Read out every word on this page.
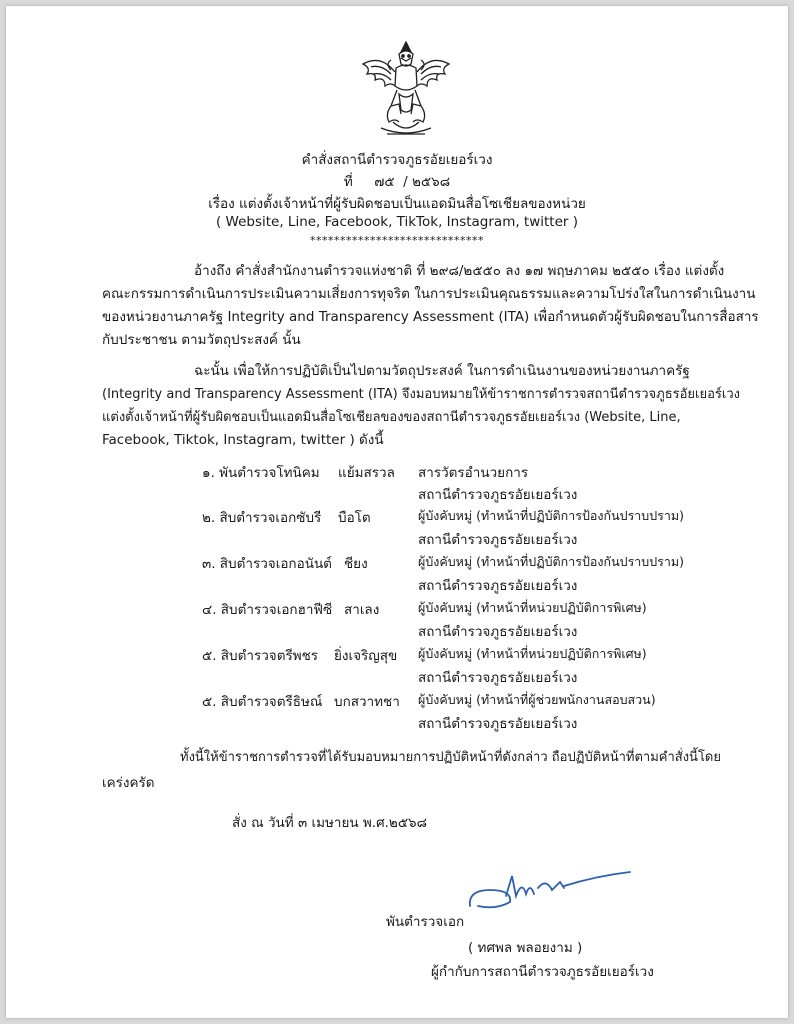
คำสั่งสถานีตำรวจภูธรอัยเยอร์เวง
ที่     ๗๕  / ๒๕๖๘
เรื่อง แต่งตั้งเจ้าหน้าที่ผู้รับผิดชอบเป็นแอดมินสื่อโซเชียลของหน่วย
( Website, Line, Facebook, TikTok, Instagram, twitter )
*****************************
อ้างถึง คำสั่งสำนักงานตำรวจแห่งชาติ ที่ ๒๙๘/๒๕๕๐ ลง ๑๗ พฤษภาคม ๒๕๕๐ เรื่อง แต่งตั้ง
คณะกรรมการดำเนินการประเมินความเสี่ยงการทุจริต ในการประเมินคุณธรรมและความโปร่งใสในการดำเนินงาน
ของหน่วยงานภาครัฐ Integrity and Transparency Assessment (ITA) เพื่อกำหนดตัวผู้รับผิดชอบในการสื่อสาร
กับประชาชน ตามวัตถุประสงค์ นั้น
ฉะนั้น เพื่อให้การปฏิบัติเป็นไปตามวัตถุประสงค์ ในการดำเนินงานของหน่วยงานภาครัฐ
(Integrity and Transparency Assessment (ITA) จึงมอบหมายให้ข้าราชการตำรวจสถานีตำรวจภูธรอัยเยอร์เวง
แต่งตั้งเจ้าหน้าที่ผู้รับผิดชอบเป็นแอดมินสื่อโซเชียลของของสถานีตำรวจภูธรอัยเยอร์เวง (Website, Line,
Facebook, Tiktok, Instagram, twitter ) ดังนี้
๑. พันตำรวจโทนิคม แย้มสรวล สารวัตรอำนวยการ
สถานีตำรวจภูธรอัยเยอร์เวง
๒. สิบตำรวจเอกซับรี บือโต	ผู้บังคับหมู่ (ทำหน้าที่ปฏิบัติการป้องกันปราบปราม)
สถานีตำรวจภูธรอัยเยอร์เวง
๓. สิบตำรวจเอกอนันต์ ชียง	ผู้บังคับหมู่ (ทำหน้าที่ปฏิบัติการป้องกันปราบปราม)
สถานีตำรวจภูธรอัยเยอร์เวง
๔. สิบตำรวจเอกฮาฟีซี สาเลง	ผู้บังคับหมู่ (ทำหน้าที่หน่วยปฏิบัติการพิเศษ)
สถานีตำรวจภูธรอัยเยอร์เวง
๕. สิบตำรวจตรีพชร ยิ่งเจริญสุข ผู้บังคับหมู่ (ทำหน้าที่หน่วยปฏิบัติการพิเศษ)
สถานีตำรวจภูธรอัยเยอร์เวง
๕. สิบตำรวจตรีธิษณ์ บกสวาทชา ผู้บังคับหมู่ (ทำหน้าที่ผู้ช่วยพนักงานสอบสวน)
สถานีตำรวจภูธรอัยเยอร์เวง
ทั้งนี้ให้ข้าราชการตำรวจที่ได้รับมอบหมายการปฏิบัติหน้าที่ดังกล่าว ถือปฏิบัติหน้าที่ตามคำสั่งนี้โดย
เคร่งครัด
สั่ง ณ วันที่ ๓ เมษายน พ.ศ.๒๕๖๘
พันตำรวจเอก
( ทศพล พลอยงาม )
ผู้กำกับการสถานีตำรวจภูธรอัยเยอร์เวง
